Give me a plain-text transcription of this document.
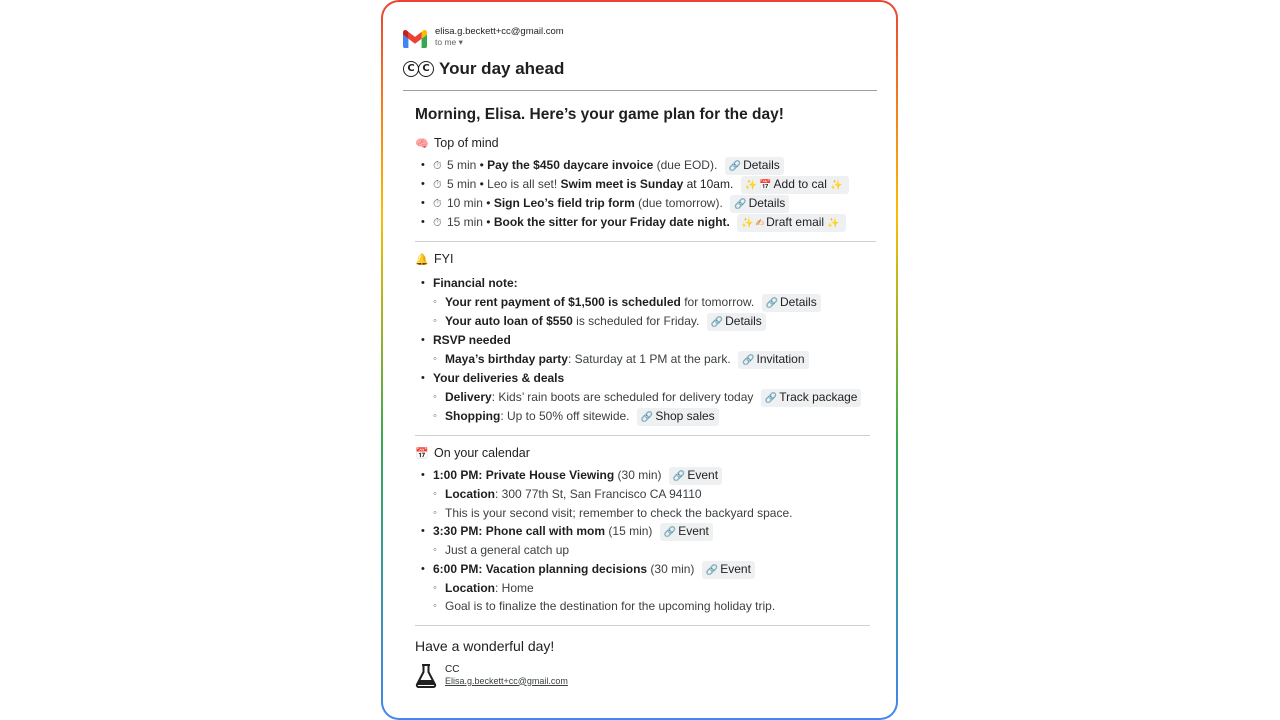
elisa.g.beckett+cc@gmail.com
to me ▾
C C Your day ahead
Morning, Elisa. Here’s your game plan for the day!
🧠 Top of mind
• ⏱ 5 min • Pay the $450 daycare invoice (due EOD). 🔗 Details
• ⏱ 5 min • Leo is all set! Swim meet is Sunday at 10am. ✨ 📅 Add to cal ✨
• ⏱ 10 min • Sign Leo’s field trip form (due tomorrow). 🔗 Details
• ⏱ 15 min • Book the sitter for your Friday date night. ✨ ✍ Draft email ✨
🔔 FYI
• Financial note:
◦ Your rent payment of $1,500 is scheduled for tomorrow. 🔗 Details
◦ Your auto loan of $550 is scheduled for Friday. 🔗 Details
• RSVP needed
◦ Maya’s birthday party: Saturday at 1 PM at the park. 🔗 Invitation
• Your deliveries & deals
◦ Delivery: Kids’ rain boots are scheduled for delivery today 🔗 Track package
◦ Shopping: Up to 50% off sitewide. 🔗 Shop sales
📅 On your calendar
• 1:00 PM: Private House Viewing (30 min) 🔗 Event
◦ Location: 300 77th St, San Francisco CA 94110
◦ This is your second visit; remember to check the backyard space.
• 3:30 PM: Phone call with mom (15 min) 🔗 Event
◦ Just a general catch up
• 6:00 PM: Vacation planning decisions (30 min) 🔗 Event
◦ Location: Home
◦ Goal is to finalize the destination for the upcoming holiday trip.
Have a wonderful day!
CC
Elisa.g.beckett+cc@gmail.com
